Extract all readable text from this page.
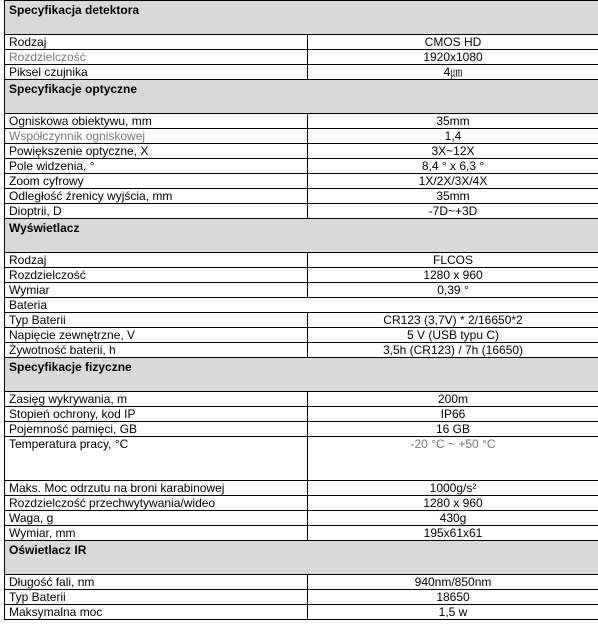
Specyfikacja detektora	
Rodzaj	CMOS HD
Rozdzielczość	1920x1080
Piksel czujnika	4㎛
Specyfikacje optyczne	
Ogniskowa obiektywu, mm	35mm
Współczynnik ogniskowej	1,4
Powiększenie optyczne, X	3X~12X
Pole widzenia, °	8,4 ° x 6,3 °
Zoom cyfrowy	1X/2X/3X/4X
Odległość źrenicy wyjścia, mm	35mm
Dioptrii, D	-7D~+3D
Wyświetlacz	
Rodzaj	FLCOS
Rozdzielczość	1280 x 960
Wymiar	0,39 °
Bateria	
Typ Baterii	CR123 (3,7V) * 2/16650*2
Napięcie zewnętrzne, V	5 V (USB typu C)
Żywotność baterii, h	3,5h (CR123) / 7h (16650)
Specyfikacje fizyczne	
Zasięg wykrywania, m	200m
Stopień ochrony, kod IP	IP66
Pojemność pamięci, GB	16 GB
Temperatura pracy, °C	-20 °C ~ +50 °C
Maks. Moc odrzutu na broni karabinowej	1000g/s²
Rozdzielczość przechwytywania/wideo	1280 x 960
Waga, g	430g
Wymiar, mm	195x61x61
Oświetlacz IR	
Długość fali, nm	940nm/850nm
Typ Baterii	18650
Maksymalna moc	1,5 w
